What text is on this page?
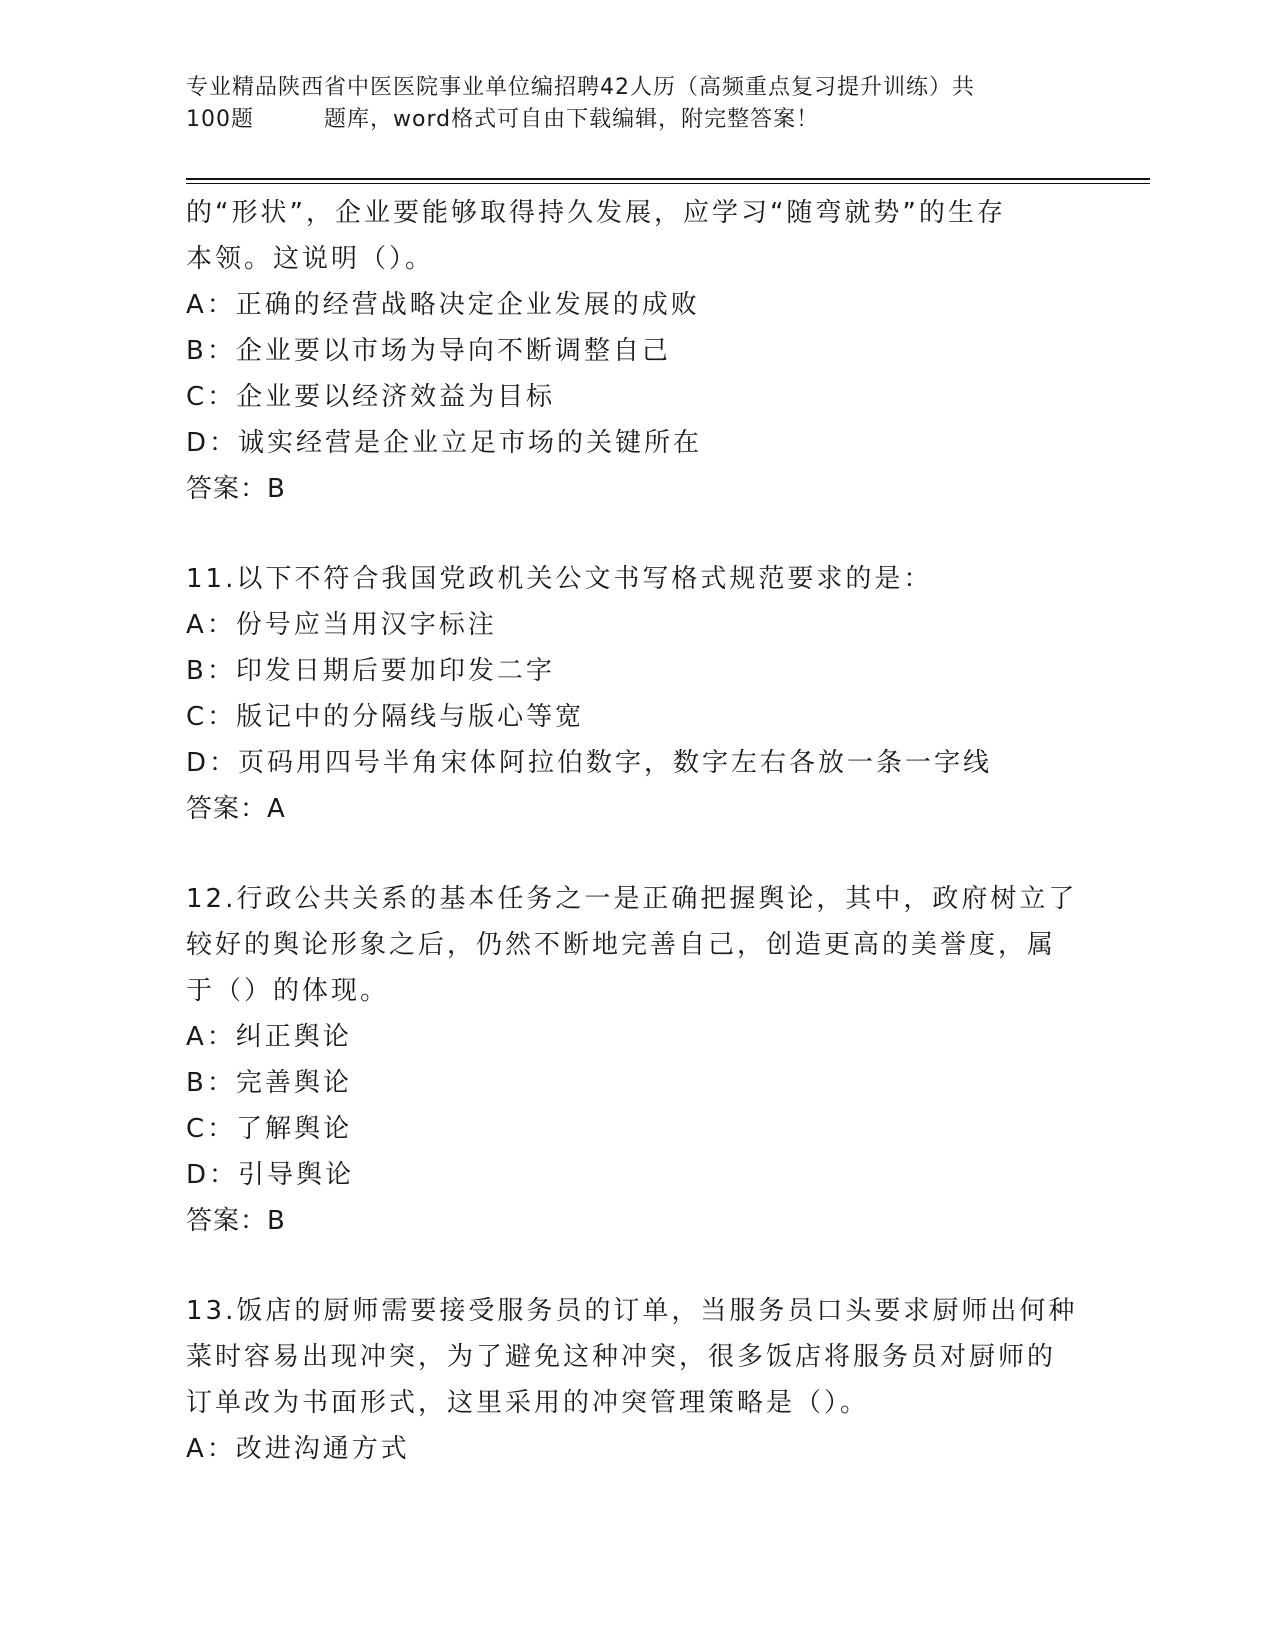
专业精品陕西省中医医院事业单位编招聘42人历（高频重点复习提升训练）共
100题	题库，word格式可自由下载编辑，附完整答案！
的“形状”，企业要能够取得持久发展，应学习“随弯就势”的生存
本领。这说明（）。
A：正确的经营战略决定企业发展的成败
B：企业要以市场为导向不断调整自己
C：企业要以经济效益为目标
D：诚实经营是企业立足市场的关键所在
答案：B
11.以下不符合我国党政机关公文书写格式规范要求的是：
A：份号应当用汉字标注
B：印发日期后要加印发二字
C：版记中的分隔线与版心等宽
D：页码用四号半角宋体阿拉伯数字，数字左右各放一条一字线
答案：A
12.行政公共关系的基本任务之一是正确把握舆论，其中，政府树立了
较好的舆论形象之后，仍然不断地完善自己，创造更高的美誉度，属
于（）的体现。
A：纠正舆论
B：完善舆论
C：了解舆论
D：引导舆论
答案：B
13.饭店的厨师需要接受服务员的订单，当服务员口头要求厨师出何种
菜时容易出现冲突，为了避免这种冲突，很多饭店将服务员对厨师的
订单改为书面形式，这里采用的冲突管理策略是（）。
A：改进沟通方式
